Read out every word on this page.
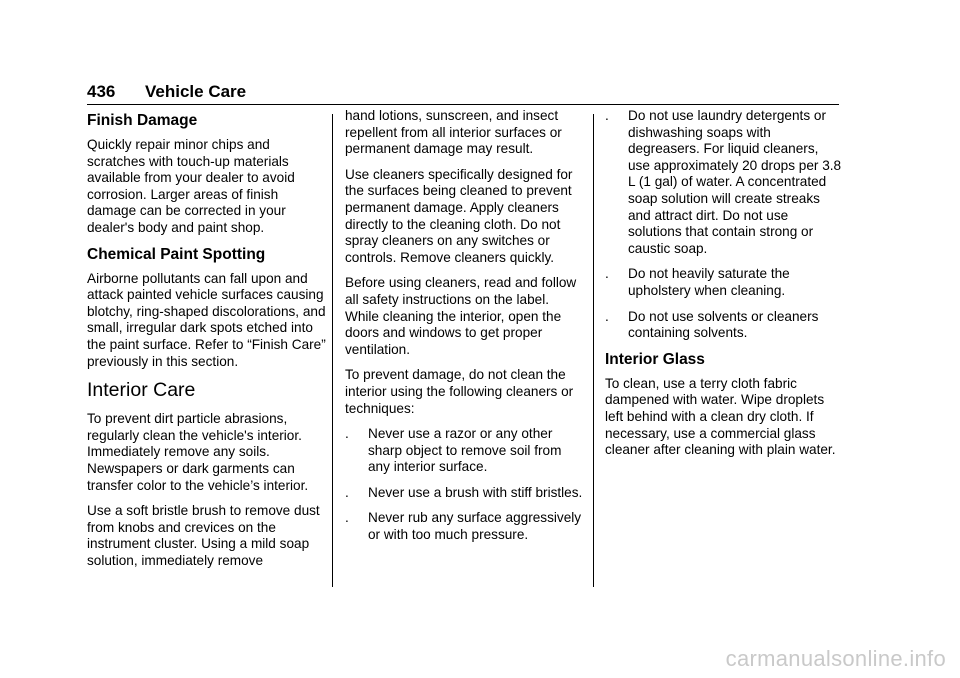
436 Vehicle Care
Finish Damage

Quickly repair minor chips and scratches with touch-up materials available from your dealer to avoid corrosion. Larger areas of finish damage can be corrected in your dealer's body and paint shop.

Chemical Paint Spotting

Airborne pollutants can fall upon and attack painted vehicle surfaces causing blotchy, ring-shaped discolorations, and small, irregular dark spots etched into the paint surface. Refer to “Finish Care” previously in this section.

Interior Care

To prevent dirt particle abrasions, regularly clean the vehicle's interior. Immediately remove any soils. Newspapers or dark garments can transfer color to the vehicle’s interior.

Use a soft bristle brush to remove dust from knobs and crevices on the instrument cluster. Using a mild soap solution, immediately remove

hand lotions, sunscreen, and insect repellent from all interior surfaces or permanent damage may result.

Use cleaners specifically designed for the surfaces being cleaned to prevent permanent damage. Apply cleaners directly to the cleaning cloth. Do not spray cleaners on any switches or controls. Remove cleaners quickly.

Before using cleaners, read and follow all safety instructions on the label. While cleaning the interior, open the doors and windows to get proper ventilation.

To prevent damage, do not clean the interior using the following cleaners or techniques:

. Never use a razor or any other sharp object to remove soil from any interior surface.
. Never use a brush with stiff bristles.
. Never rub any surface aggressively or with too much pressure.
. Do not use laundry detergents or dishwashing soaps with degreasers. For liquid cleaners, use approximately 20 drops per 3.8 L (1 gal) of water. A concentrated soap solution will create streaks and attract dirt. Do not use solutions that contain strong or caustic soap.
. Do not heavily saturate the upholstery when cleaning.
. Do not use solvents or cleaners containing solvents.
Interior Glass

To clean, use a terry cloth fabric dampened with water. Wipe droplets left behind with a clean dry cloth. If necessary, use a commercial glass cleaner after cleaning with plain water.

carmanualsonline.info
